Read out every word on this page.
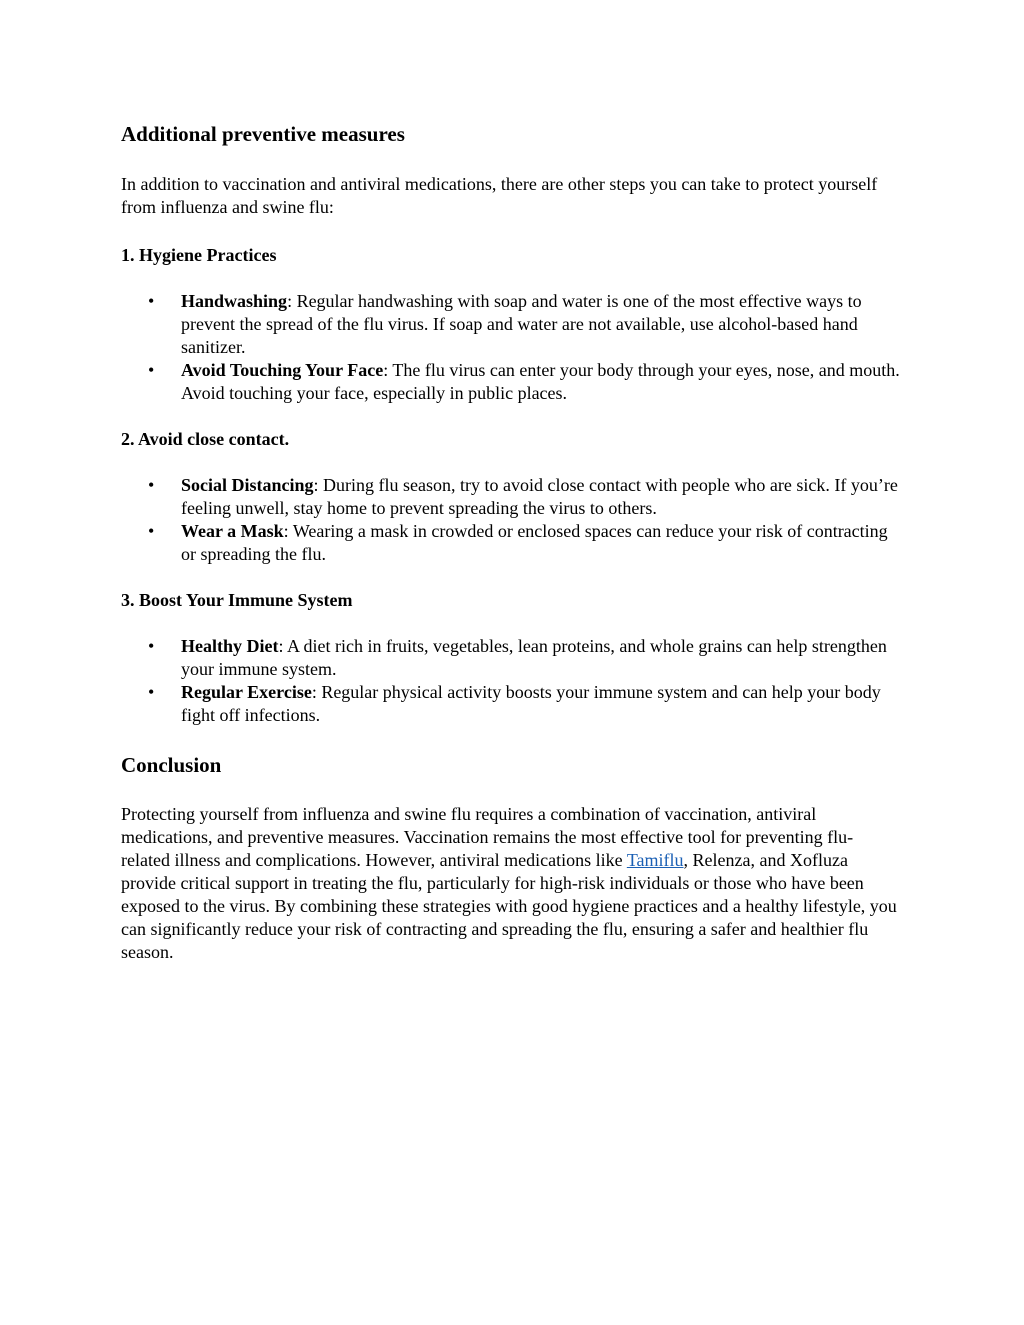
Additional preventive measures

In addition to vaccination and antiviral medications, there are other steps you can take to protect yourself from influenza and swine flu:

1. Hygiene Practices

• Handwashing: Regular handwashing with soap and water is one of the most effective ways to prevent the spread of the flu virus. If soap and water are not available, use alcohol-based hand sanitizer.
• Avoid Touching Your Face: The flu virus can enter your body through your eyes, nose, and mouth. Avoid touching your face, especially in public places.

2. Avoid close contact.

• Social Distancing: During flu season, try to avoid close contact with people who are sick. If you’re feeling unwell, stay home to prevent spreading the virus to others.
• Wear a Mask: Wearing a mask in crowded or enclosed spaces can reduce your risk of contracting or spreading the flu.

3. Boost Your Immune System

• Healthy Diet: A diet rich in fruits, vegetables, lean proteins, and whole grains can help strengthen your immune system.
• Regular Exercise: Regular physical activity boosts your immune system and can help your body fight off infections.
Conclusion

Protecting yourself from influenza and swine flu requires a combination of vaccination, antiviral medications, and preventive measures. Vaccination remains the most effective tool for preventing flu-related illness and complications. However, antiviral medications like Tamiflu, Relenza, and Xofluza provide critical support in treating the flu, particularly for high-risk individuals or those who have been exposed to the virus. By combining these strategies with good hygiene practices and a healthy lifestyle, you can significantly reduce your risk of contracting and spreading the flu, ensuring a safer and healthier flu season.
